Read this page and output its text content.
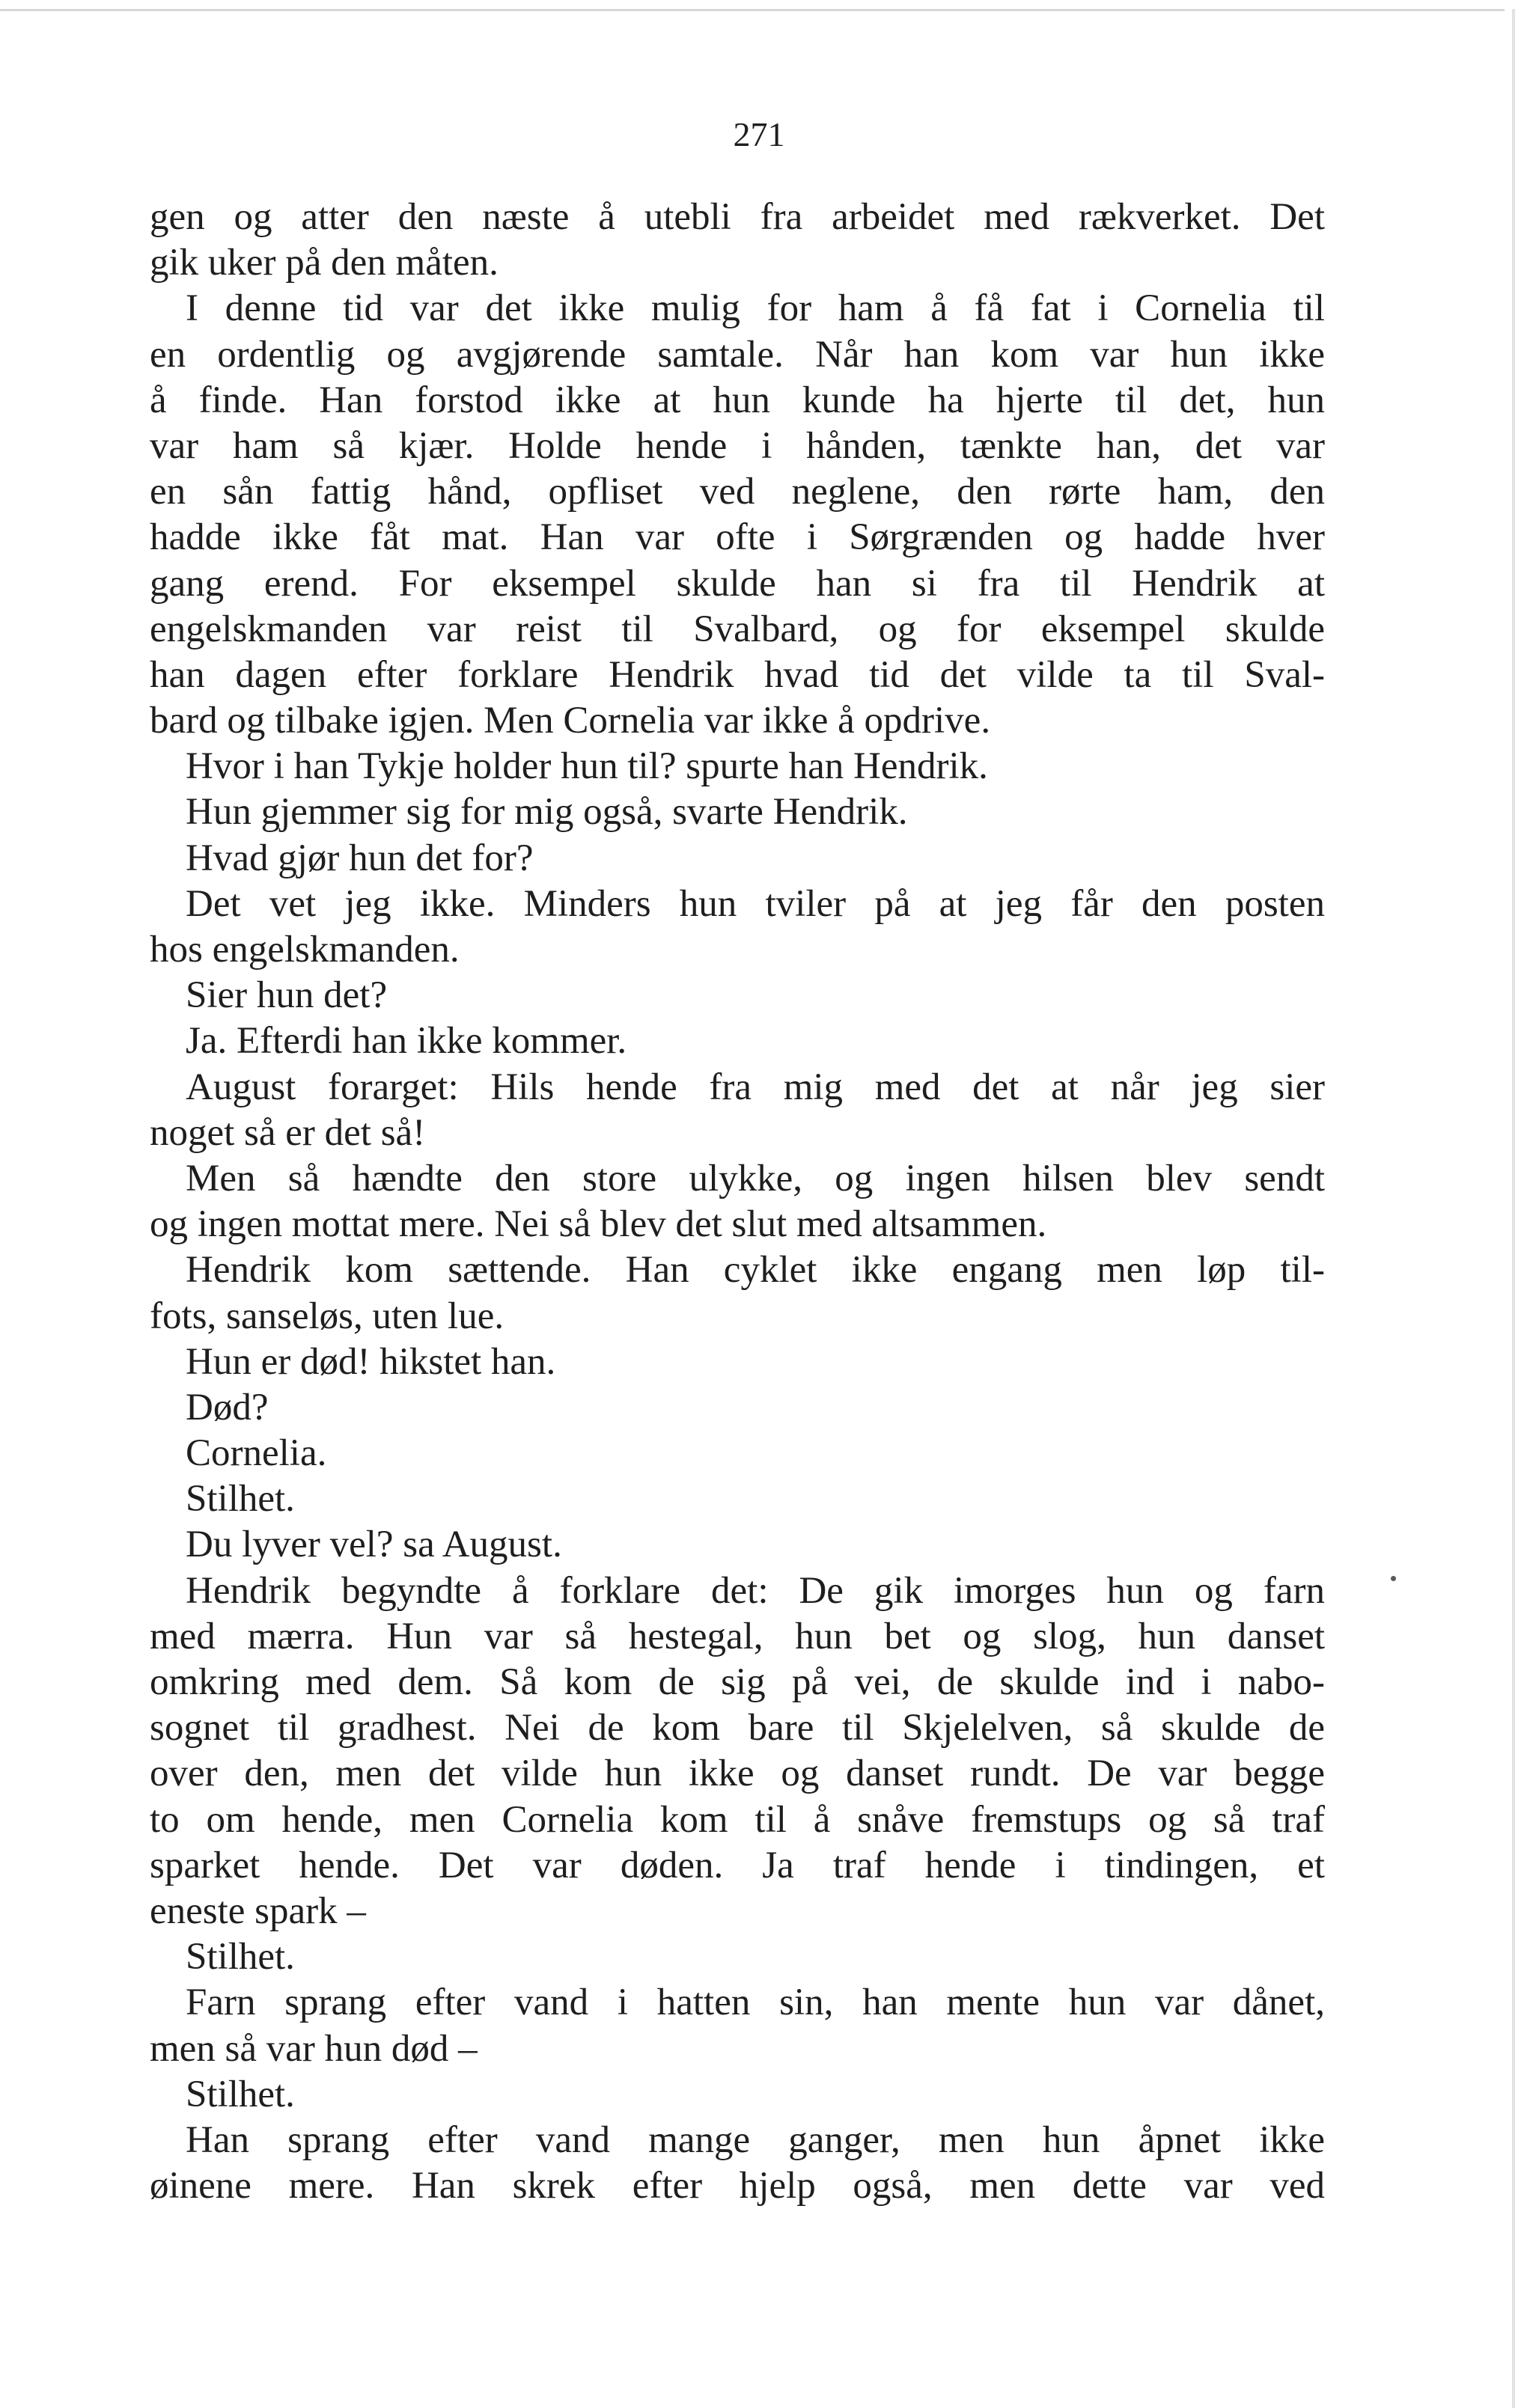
271
gen og atter den næste å utebli fra arbeidet med rækverket. Det
gik uker på den måten.
I denne tid var det ikke mulig for ham å få fat i Cornelia til
en ordentlig og avgjørende samtale. Når han kom var hun ikke
å finde. Han forstod ikke at hun kunde ha hjerte til det, hun
var ham så kjær. Holde hende i hånden, tænkte han, det var
en sån fattig hånd, opfliset ved neglene, den rørte ham, den
hadde ikke fåt mat. Han var ofte i Sørgrænden og hadde hver
gang erend. For eksempel skulde han si fra til Hendrik at
engelskmanden var reist til Svalbard, og for eksempel skulde
han dagen efter forklare Hendrik hvad tid det vilde ta til Sval-
bard og tilbake igjen. Men Cornelia var ikke å opdrive.
Hvor i han Tykje holder hun til? spurte han Hendrik.
Hun gjemmer sig for mig også, svarte Hendrik.
Hvad gjør hun det for?
Det vet jeg ikke. Minders hun tviler på at jeg får den posten
hos engelskmanden.
Sier hun det?
Ja. Efterdi han ikke kommer.
August forarget: Hils hende fra mig med det at når jeg sier
noget så er det så!
Men så hændte den store ulykke, og ingen hilsen blev sendt
og ingen mottat mere. Nei så blev det slut med altsammen.
Hendrik kom sættende. Han cyklet ikke engang men løp til-
fots, sanseløs, uten lue.
Hun er død! hikstet han.
Død?
Cornelia.
Stilhet.
Du lyver vel? sa August.
Hendrik begyndte å forklare det: De gik imorges hun og farn
med mærra. Hun var så hestegal, hun bet og slog, hun danset
omkring med dem. Så kom de sig på vei, de skulde ind i nabo-
sognet til gradhest. Nei de kom bare til Skjelelven, så skulde de
over den, men det vilde hun ikke og danset rundt. De var begge
to om hende, men Cornelia kom til å snåve fremstups og så traf
sparket hende. Det var døden. Ja traf hende i tindingen, et
eneste spark –
Stilhet.
Farn sprang efter vand i hatten sin, han mente hun var dånet,
men så var hun død –
Stilhet.
Han sprang efter vand mange ganger, men hun åpnet ikke
øinene mere. Han skrek efter hjelp også, men dette var ved
